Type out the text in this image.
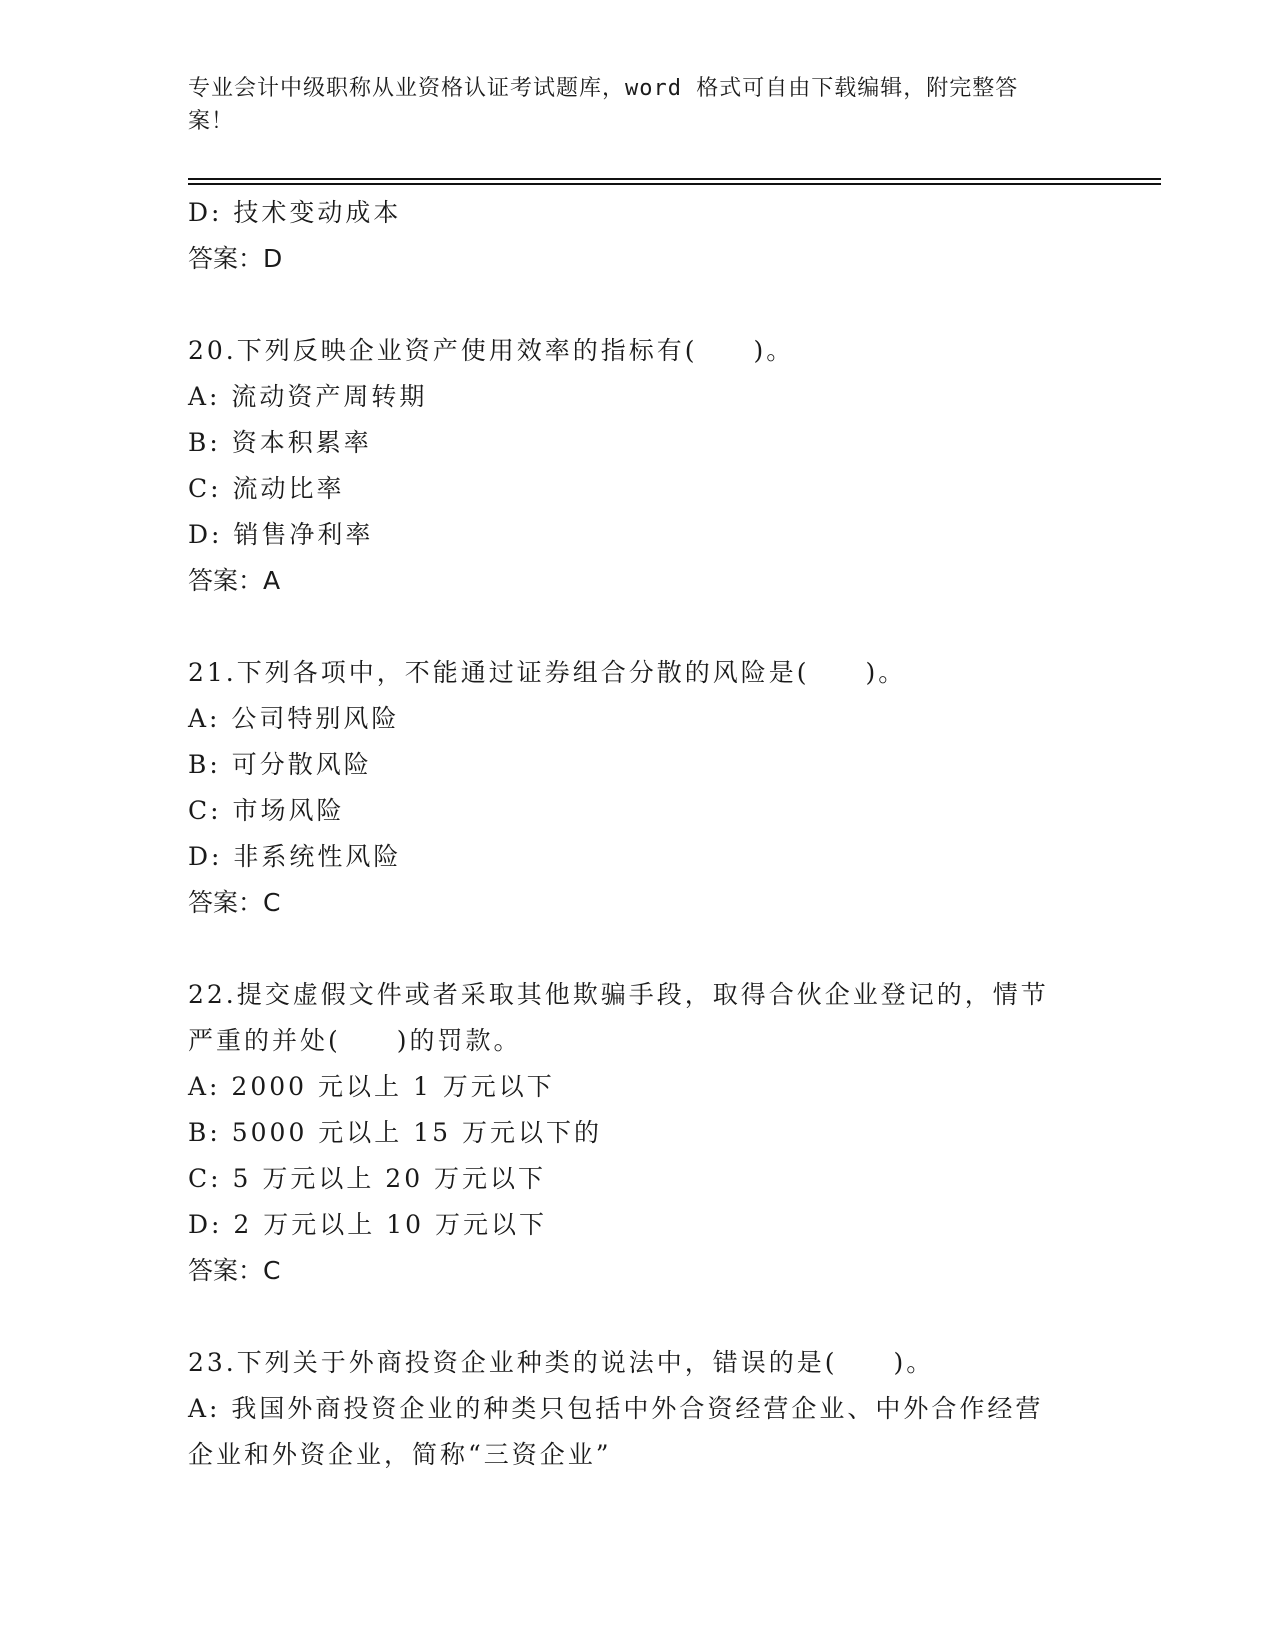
专业会计中级职称从业资格认证考试题库，word 格式可自由下载编辑，附完整答
案！
D: 技术变动成本
答案：D
20.下列反映企业资产使用效率的指标有(　　)。
A: 流动资产周转期
B: 资本积累率
C: 流动比率
D: 销售净利率
答案：A
21.下列各项中，不能通过证券组合分散的风险是(　　)。
A: 公司特别风险
B: 可分散风险
C: 市场风险
D: 非系统性风险
答案：C
22.提交虚假文件或者采取其他欺骗手段，取得合伙企业登记的，情节
严重的并处(　　)的罚款。
A: 2000 元以上 1 万元以下
B: 5000 元以上 15 万元以下的
C: 5 万元以上 20 万元以下
D: 2 万元以上 10 万元以下
答案：C
23.下列关于外商投资企业种类的说法中，错误的是(　　)。
A: 我国外商投资企业的种类只包括中外合资经营企业、中外合作经营
企业和外资企业，简称“三资企业”
